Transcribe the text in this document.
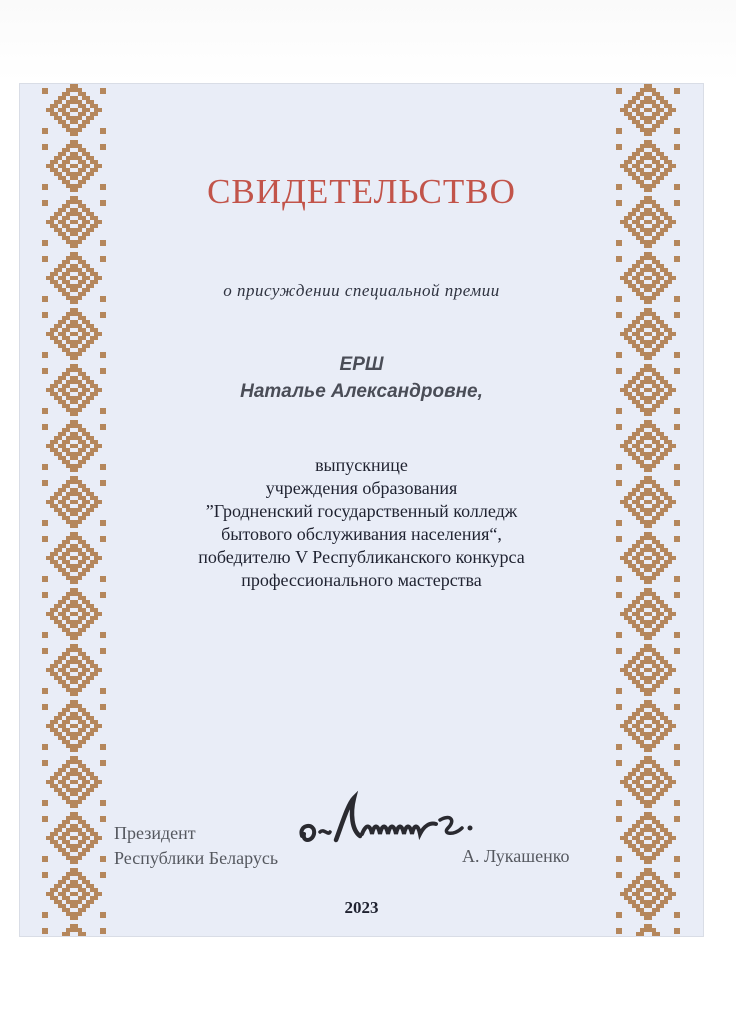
СВИДЕТЕЛЬСТВО
о присуждении специальной премии
ЕРШ
Наталье Александровне,
выпускнице
учреждения образования
”Гродненский государственный колледж
бытового обслуживания населения“,
победителю V Республиканского конкурса
профессионального мастерства
Президент
Республики Беларусь	А. Лукашенко
2023
